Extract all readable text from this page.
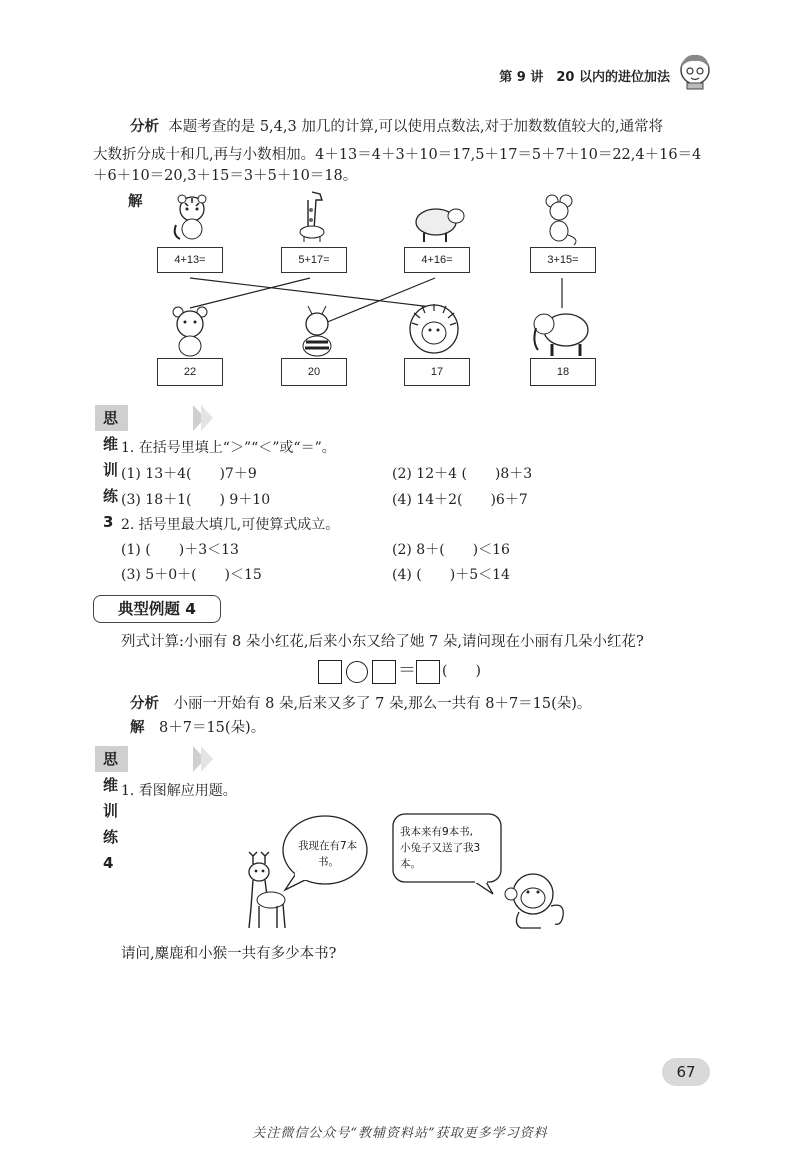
第 9 讲　20 以内的进位加法
分析 本题考查的是 5,4,3 加几的计算,可以使用点数法,对于加数数值较大的,通常将
大数折分成十和几,再与小数相加。4＋13＝4＋3＋10＝17,5＋17＝5＋7＋10＝22,4＋16＝4
＋6＋10＝20,3＋15＝3＋5＋10＝18。
解
4+13=	5+17=	4+16=	3+15=
22	20	17	18
思维训练 3
1. 在括号里填上“＞”“＜”或“＝”。
(1) 13＋4(　　)7＋9	(2) 12＋4 (　　)8＋3
(3) 18＋1(　　) 9＋10	(4) 14＋2(　　)6＋7
2. 括号里最大填几,可使算式成立。
(1) (　　)＋3＜13	(2) 8＋(　　)＜16
(3) 5＋0＋(　　)＜15	(4) (　　)＋5＜14
典型例题 4
列式计算:小丽有 8 朵小红花,后来小东又给了她 7 朵,请问现在小丽有几朵小红花?
＝ (　　)
分析　 小丽一开始有 8 朵,后来又多了 7 朵,那么一共有 8＋7＝15(朵)。
解　 8＋7＝15(朵)。
思维训练 4
1. 看图解应用题。
我现在有7本
书。
我本来有9本书,
小兔子又送了我3
本。
请问,麋鹿和小猴一共有多少本书?
67
关注微信公众号“教辅资料站”获取更多学习资料
